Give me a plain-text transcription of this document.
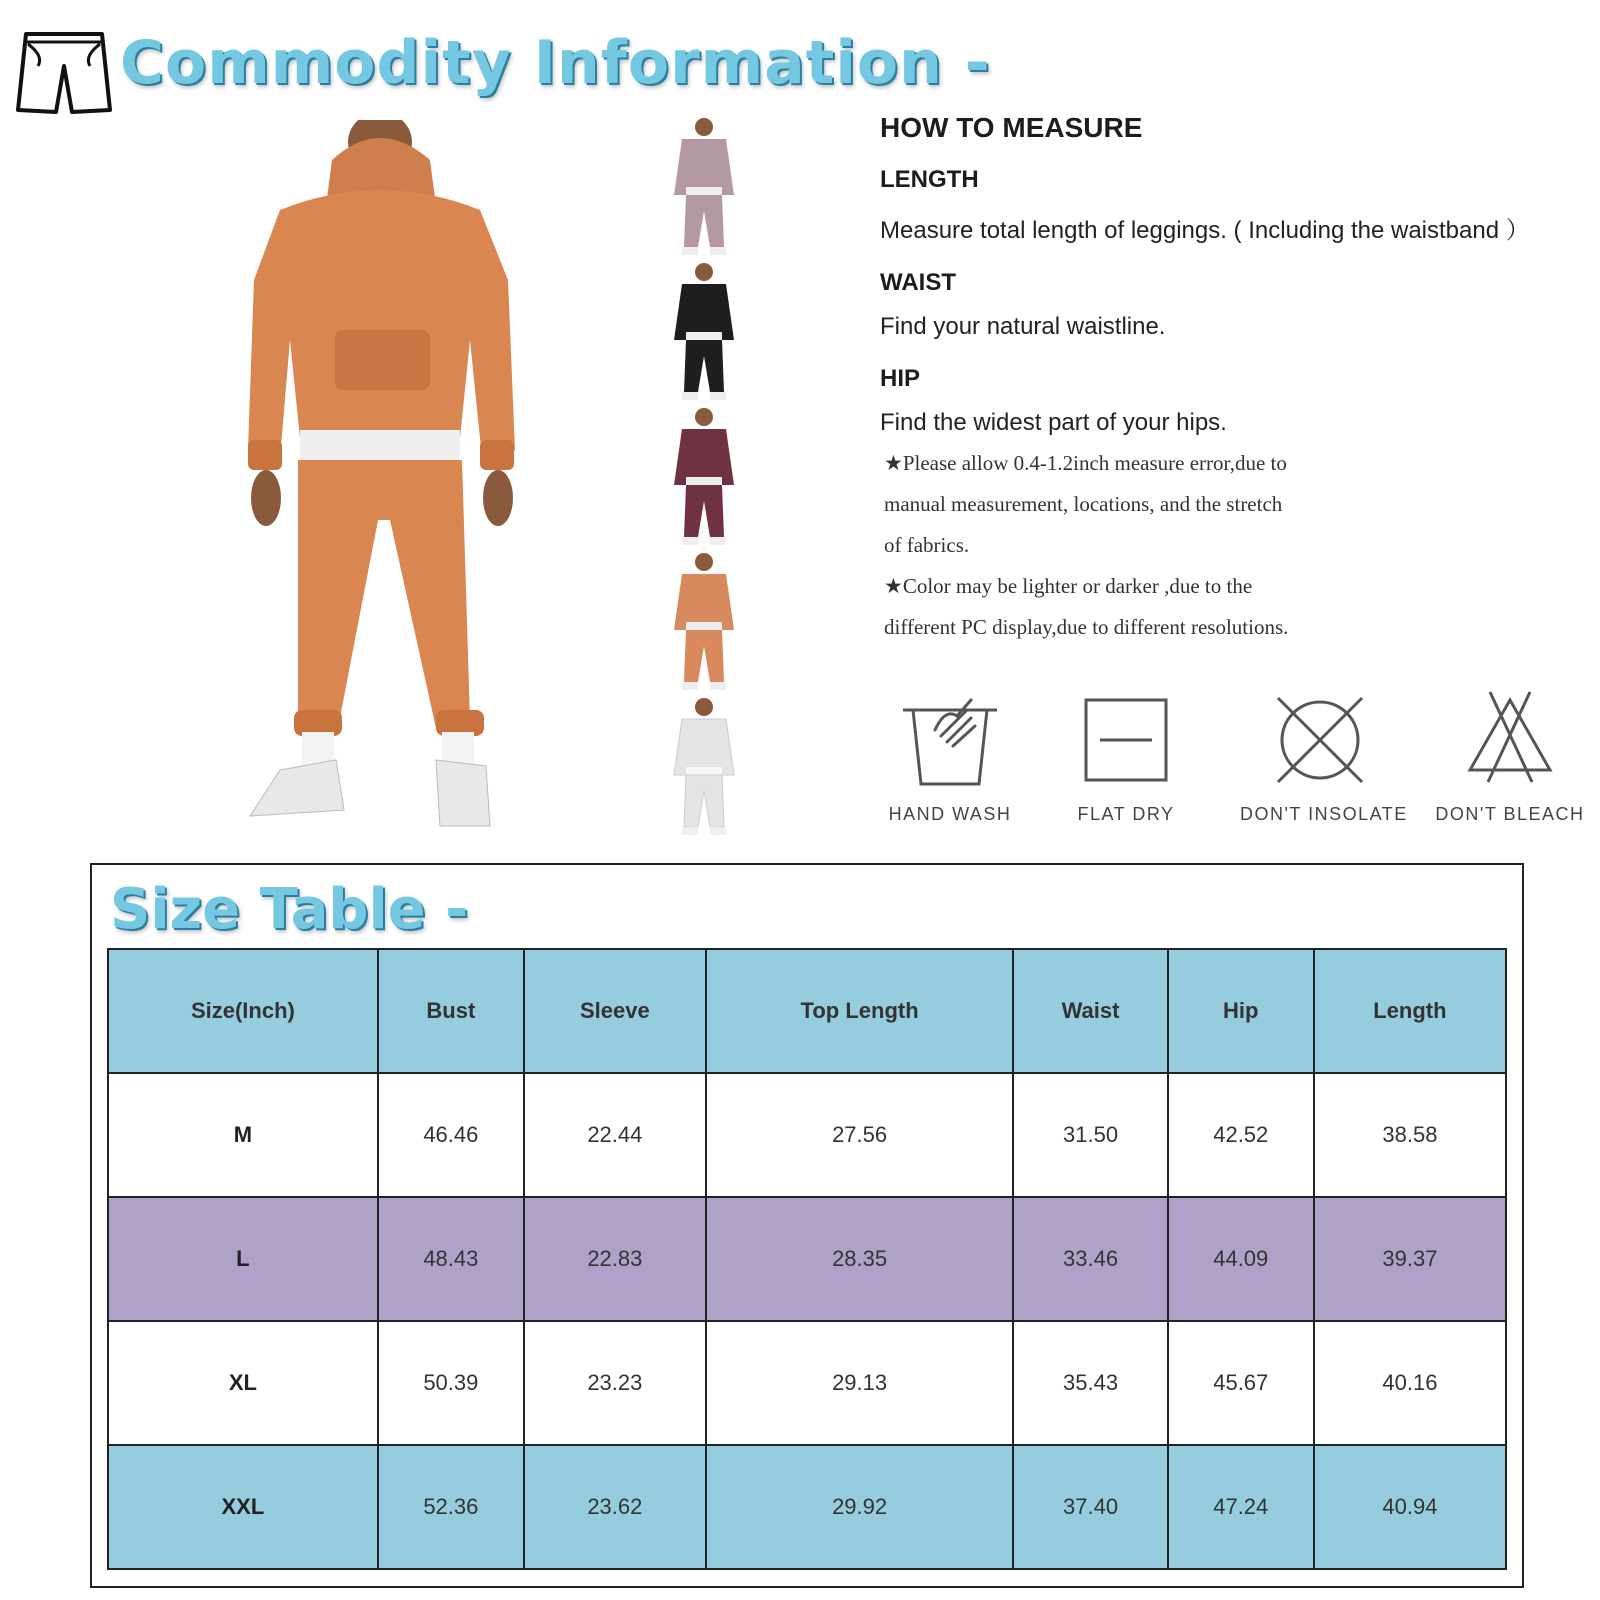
Commodity Information -
HOW TO MEASURE
LENGTH
Measure total length of leggings. ( Including the waistband ）
WAIST
Find your natural waistline.
HIP
Find the widest part of your hips.
★Please allow 0.4-1.2inch measure error,due to
manual measurement, locations, and the stretch
of fabrics.
★Color may be lighter or darker ,due to the
different PC display,due to different resolutions.
HAND WASH	FLAT DRY	DON'T INSOLATE	DON'T BLEACH
Size Table -
Size(Inch)	Bust	Sleeve	Top Length	Waist	Hip	Length
M	46.46	22.44	27.56	31.50	42.52	38.58
L	48.43	22.83	28.35	33.46	44.09	39.37
XL	50.39	23.23	29.13	35.43	45.67	40.16
XXL	52.36	23.62	29.92	37.40	47.24	40.94
